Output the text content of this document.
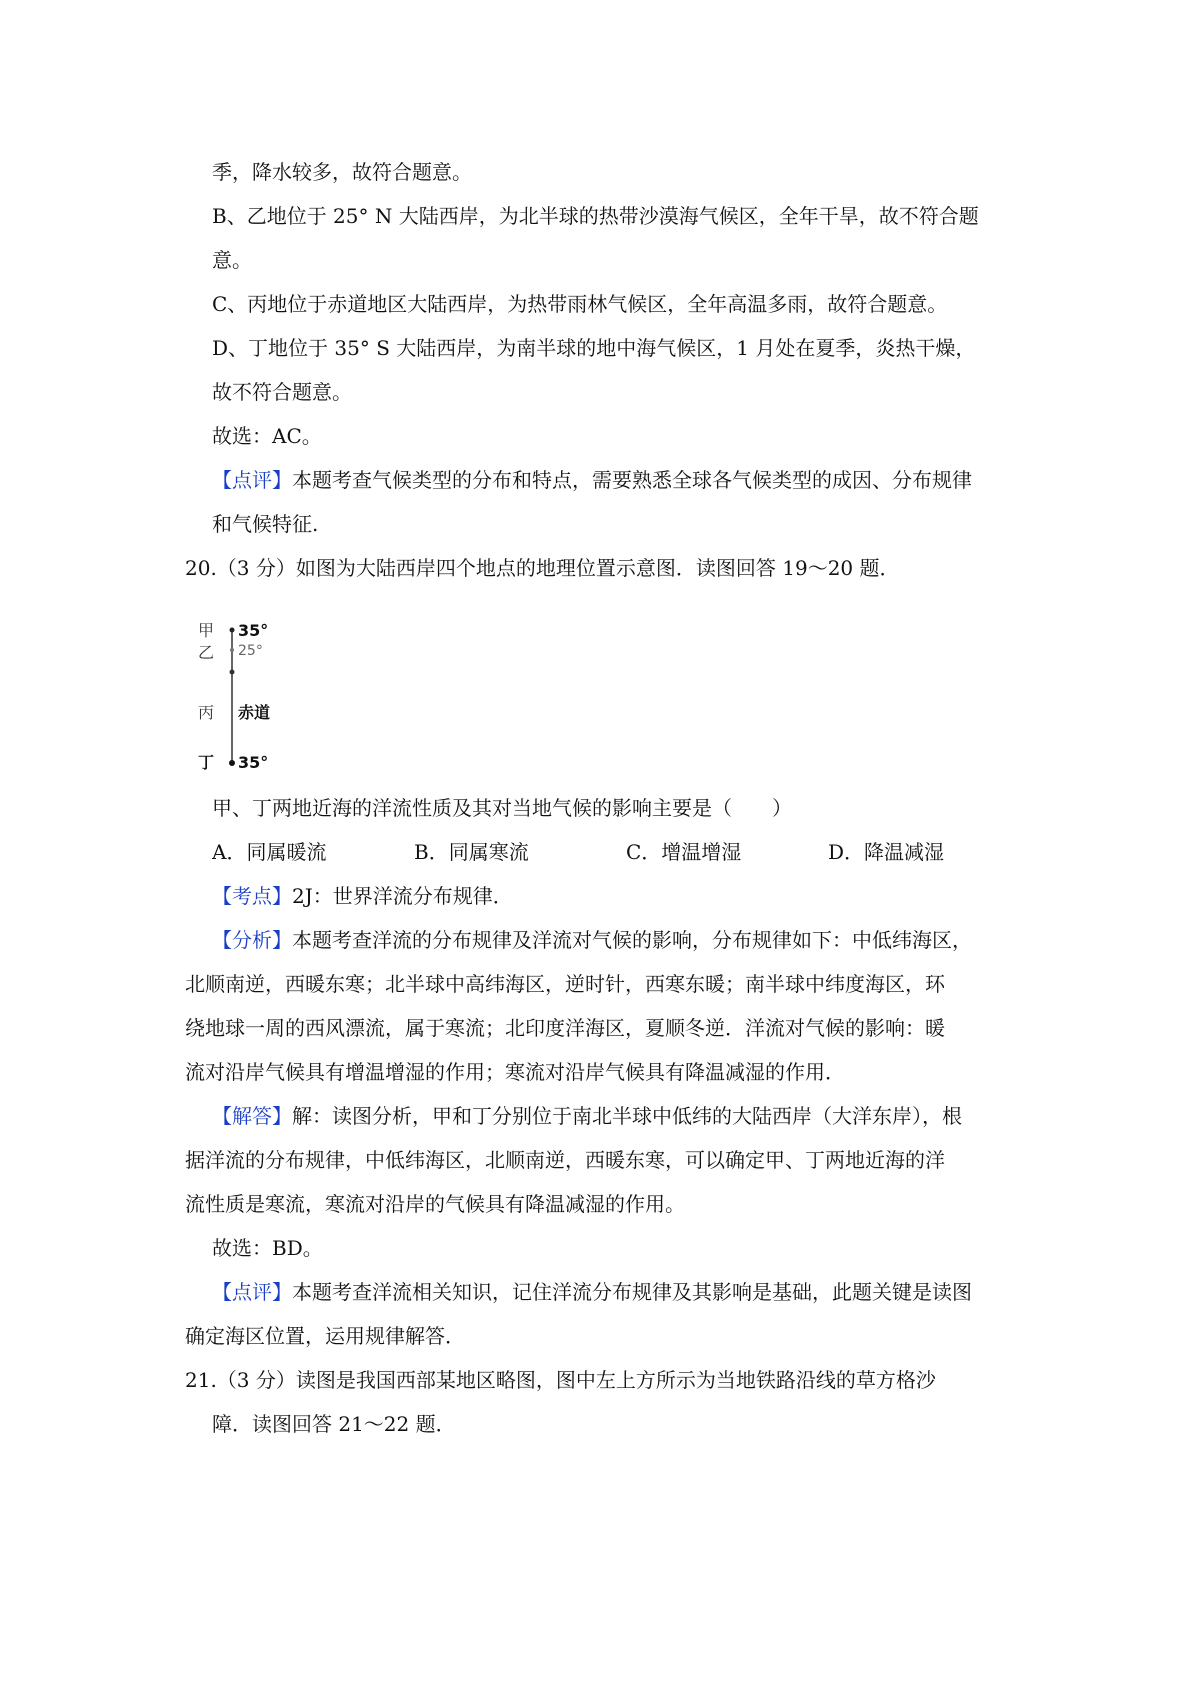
季，降水较多，故符合题意。
B、乙地位于 25° N 大陆西岸，为北半球的热带沙漠海气候区，全年干旱，故不符合题
意。
C、丙地位于赤道地区大陆西岸，为热带雨林气候区，全年高温多雨，故符合题意。
D、丁地位于 35° S 大陆西岸，为南半球的地中海气候区，1 月处在夏季，炎热干燥，
故不符合题意。
故选：AC。
【点评】本题考查气候类型的分布和特点，需要熟悉全球各气候类型的成因、分布规律
和气候特征.
20.（3 分）如图为大陆西岸四个地点的地理位置示意图．读图回答 19～20 题．
甲 35°
乙 25°
丙 赤道
丁 35°
甲、丁两地近海的洋流性质及其对当地气候的影响主要是（　　）
A．同属暖流	B．同属寒流	C．增温增湿	D．降温减湿
【考点】2J：世界洋流分布规律．
【分析】本题考查洋流的分布规律及洋流对气候的影响，分布规律如下：中低纬海区，
北顺南逆，西暖东寒；北半球中高纬海区，逆时针，西寒东暖；南半球中纬度海区，环
绕地球一周的西风漂流，属于寒流；北印度洋海区，夏顺冬逆．洋流对气候的影响：暖
流对沿岸气候具有增温增湿的作用；寒流对沿岸气候具有降温减湿的作用．
【解答】解：读图分析，甲和丁分别位于南北半球中低纬的大陆西岸（大洋东岸），根
据洋流的分布规律，中低纬海区，北顺南逆，西暖东寒，可以确定甲、丁两地近海的洋
流性质是寒流，寒流对沿岸的气候具有降温减湿的作用。
故选：BD。
【点评】本题考查洋流相关知识，记住洋流分布规律及其影响是基础，此题关键是读图
确定海区位置，运用规律解答．
21.（3 分）读图是我国西部某地区略图，图中左上方所示为当地铁路沿线的草方格沙
障．读图回答 21～22 题．
